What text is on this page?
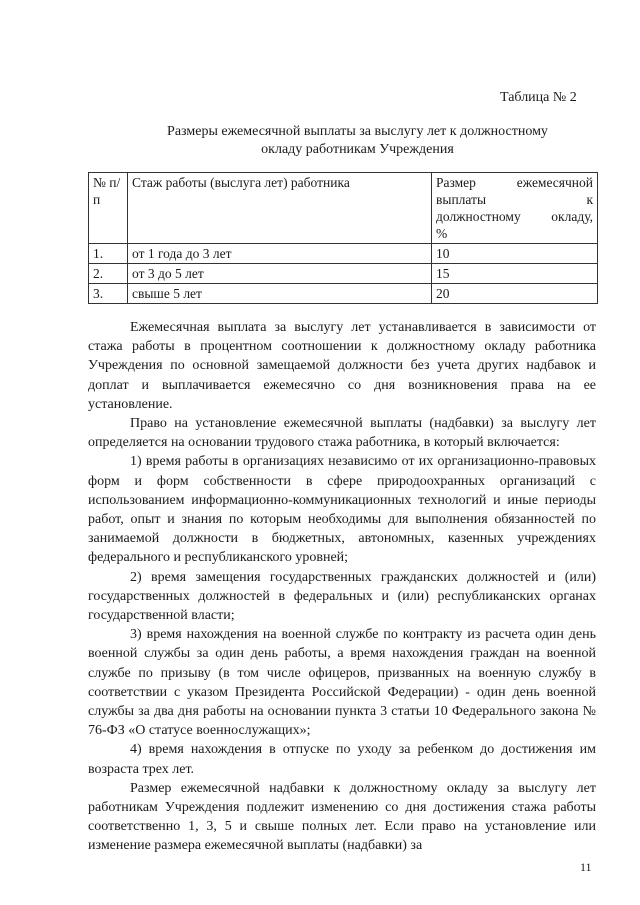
Таблица № 2
Размеры ежемесячной выплаты за выслугу лет к должностному
окладу работникам Учреждения
№ п/п	Стаж работы (выслуга лет) работника	Размер ежемесячной
выплаты к
должностному окладу,
%

1.	от 1 года до 3 лет	10
2.	от 3 до 5 лет	15
3.	свыше 5 лет	20

Ежемесячная выплата за выслугу лет устанавливается в зависимости от стажа работы в процентном соотношении к должностному окладу работника Учреждения по основной замещаемой должности без учета других надбавок и доплат и выплачивается ежемесячно со дня возникновения права на ее установление.

Право на установление ежемесячной выплаты (надбавки) за выслугу лет определяется на основании трудового стажа работника, в который включается:

1) время работы в организациях независимо от их организационно-правовых форм и форм собственности в сфере природоохранных организаций с использованием информационно-коммуникационных технологий и иные периоды работ, опыт и знания по которым необходимы для выполнения обязанностей по занимаемой должности в бюджетных, автономных, казенных учреждениях федерального и республиканского уровней;

2) время замещения государственных гражданских должностей и (или) государственных должностей в федеральных и (или) республиканских органах государственной власти;

3) время нахождения на военной службе по контракту из расчета один день военной службы за один день работы, а время нахождения граждан на военной службе по призыву (в том числе офицеров, призванных на военную службу в соответствии с указом Президента Российской Федерации) - один день военной службы за два дня работы на основании пункта 3 статьи 10 Федерального закона № 76-ФЗ «О статусе военнослужащих»;

4) время нахождения в отпуске по уходу за ребенком до достижения им возраста трех лет.

Размер ежемесячной надбавки к должностному окладу за выслугу лет работникам Учреждения подлежит изменению со дня достижения стажа работы соответственно 1, 3, 5 и свыше полных лет. Если право на установление или изменение размера ежемесячной выплаты (надбавки) за

11
